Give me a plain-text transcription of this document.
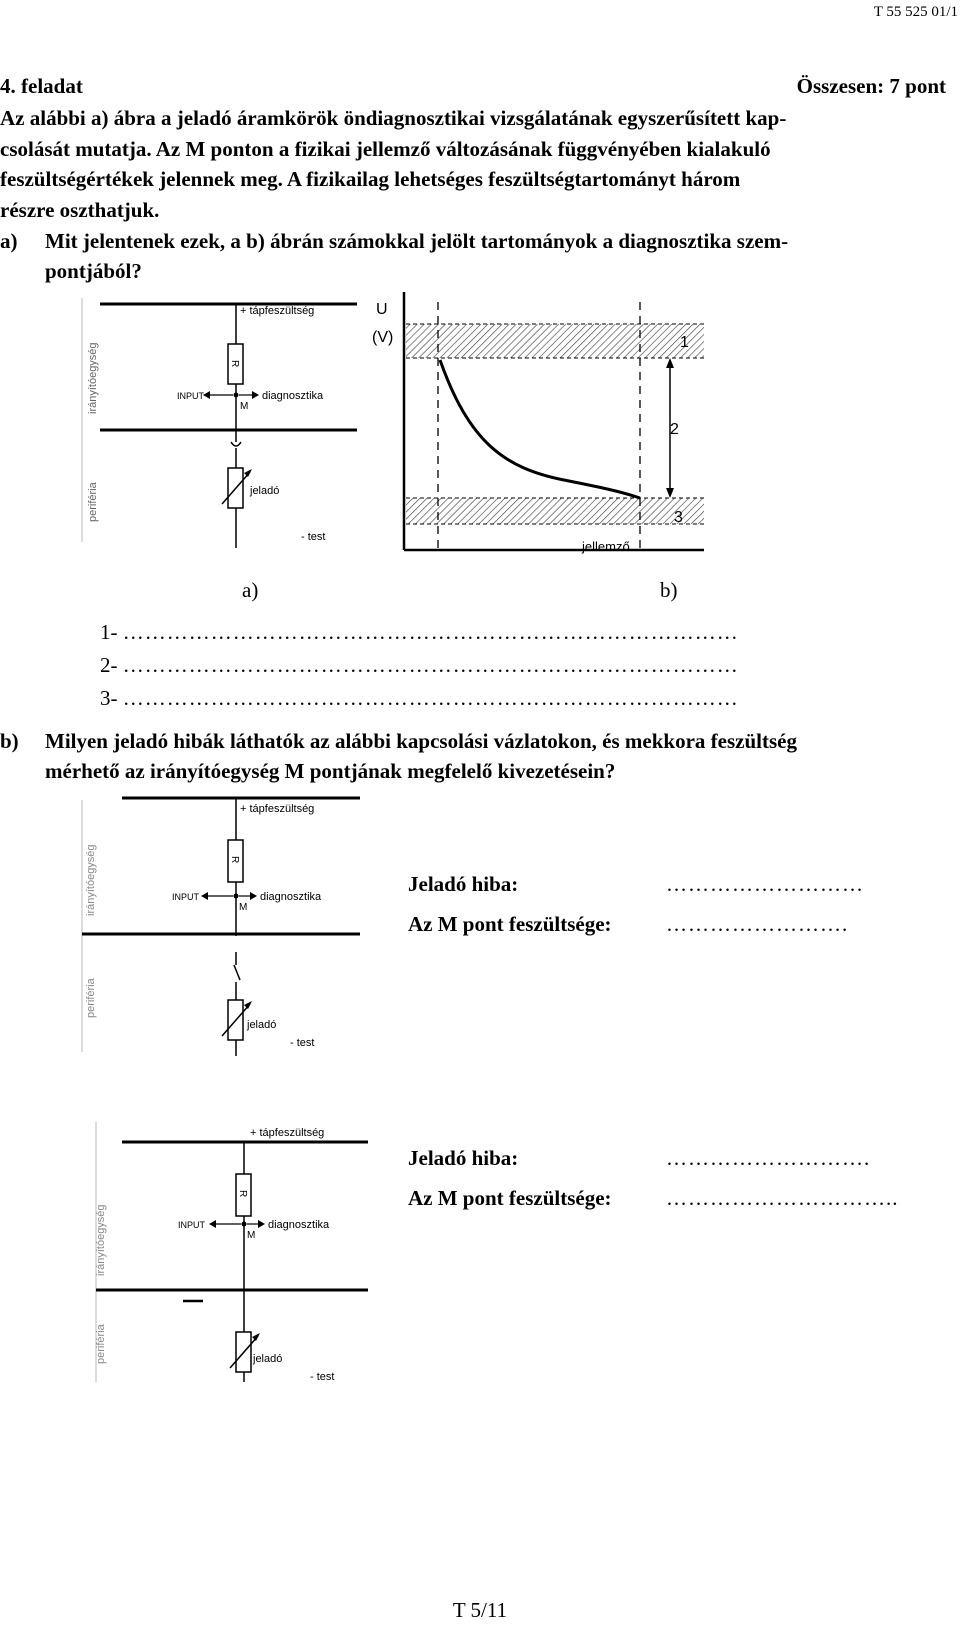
T 55 525 01/1
4. feladat	Összesen: 7 pont
Az alábbi a) ábra a jeladó áramkörök öndiagnosztikai vizsgálatának egyszerűsített kap-
csolását mutatja. Az M ponton a fizikai jellemző változásának függvényében kialakuló
feszültségértékek jelennek meg. A fizikailag lehetséges feszültségtartományt három
részre oszthatjuk.
a) Mit jelentenek ezek, a b) ábrán számokkal jelölt tartományok a diagnosztika szem-
pontjából?
+ tápfeszültség
R
INPUT	diagnosztika
M
jeladó
- test
irányítóegység
periféria
U
(V)	1
2
3
jellemző
a)	b)
1- …………………………………………………………………………
2- …………………………………………………………………………
3- …………………………………………………………………………
b) Milyen jeladó hibák láthatók az alábbi kapcsolási vázlatokon, és mekkora feszültség
mérhető az irányítóegység M pontjának megfelelő kivezetésein?
+ tápfeszültség
R
INPUT	diagnosztika
M
jeladó
- test
irányítóegység
periféria
Jeladó hiba:	………………………
Az M pont feszültsége:	…………………….
+ tápfeszültség
R
INPUT	diagnosztika
M
jeladó
- test
irányítóegység
periféria
Jeladó hiba:	……………………….
Az M pont feszültsége:	…………………………..
T 5/11
